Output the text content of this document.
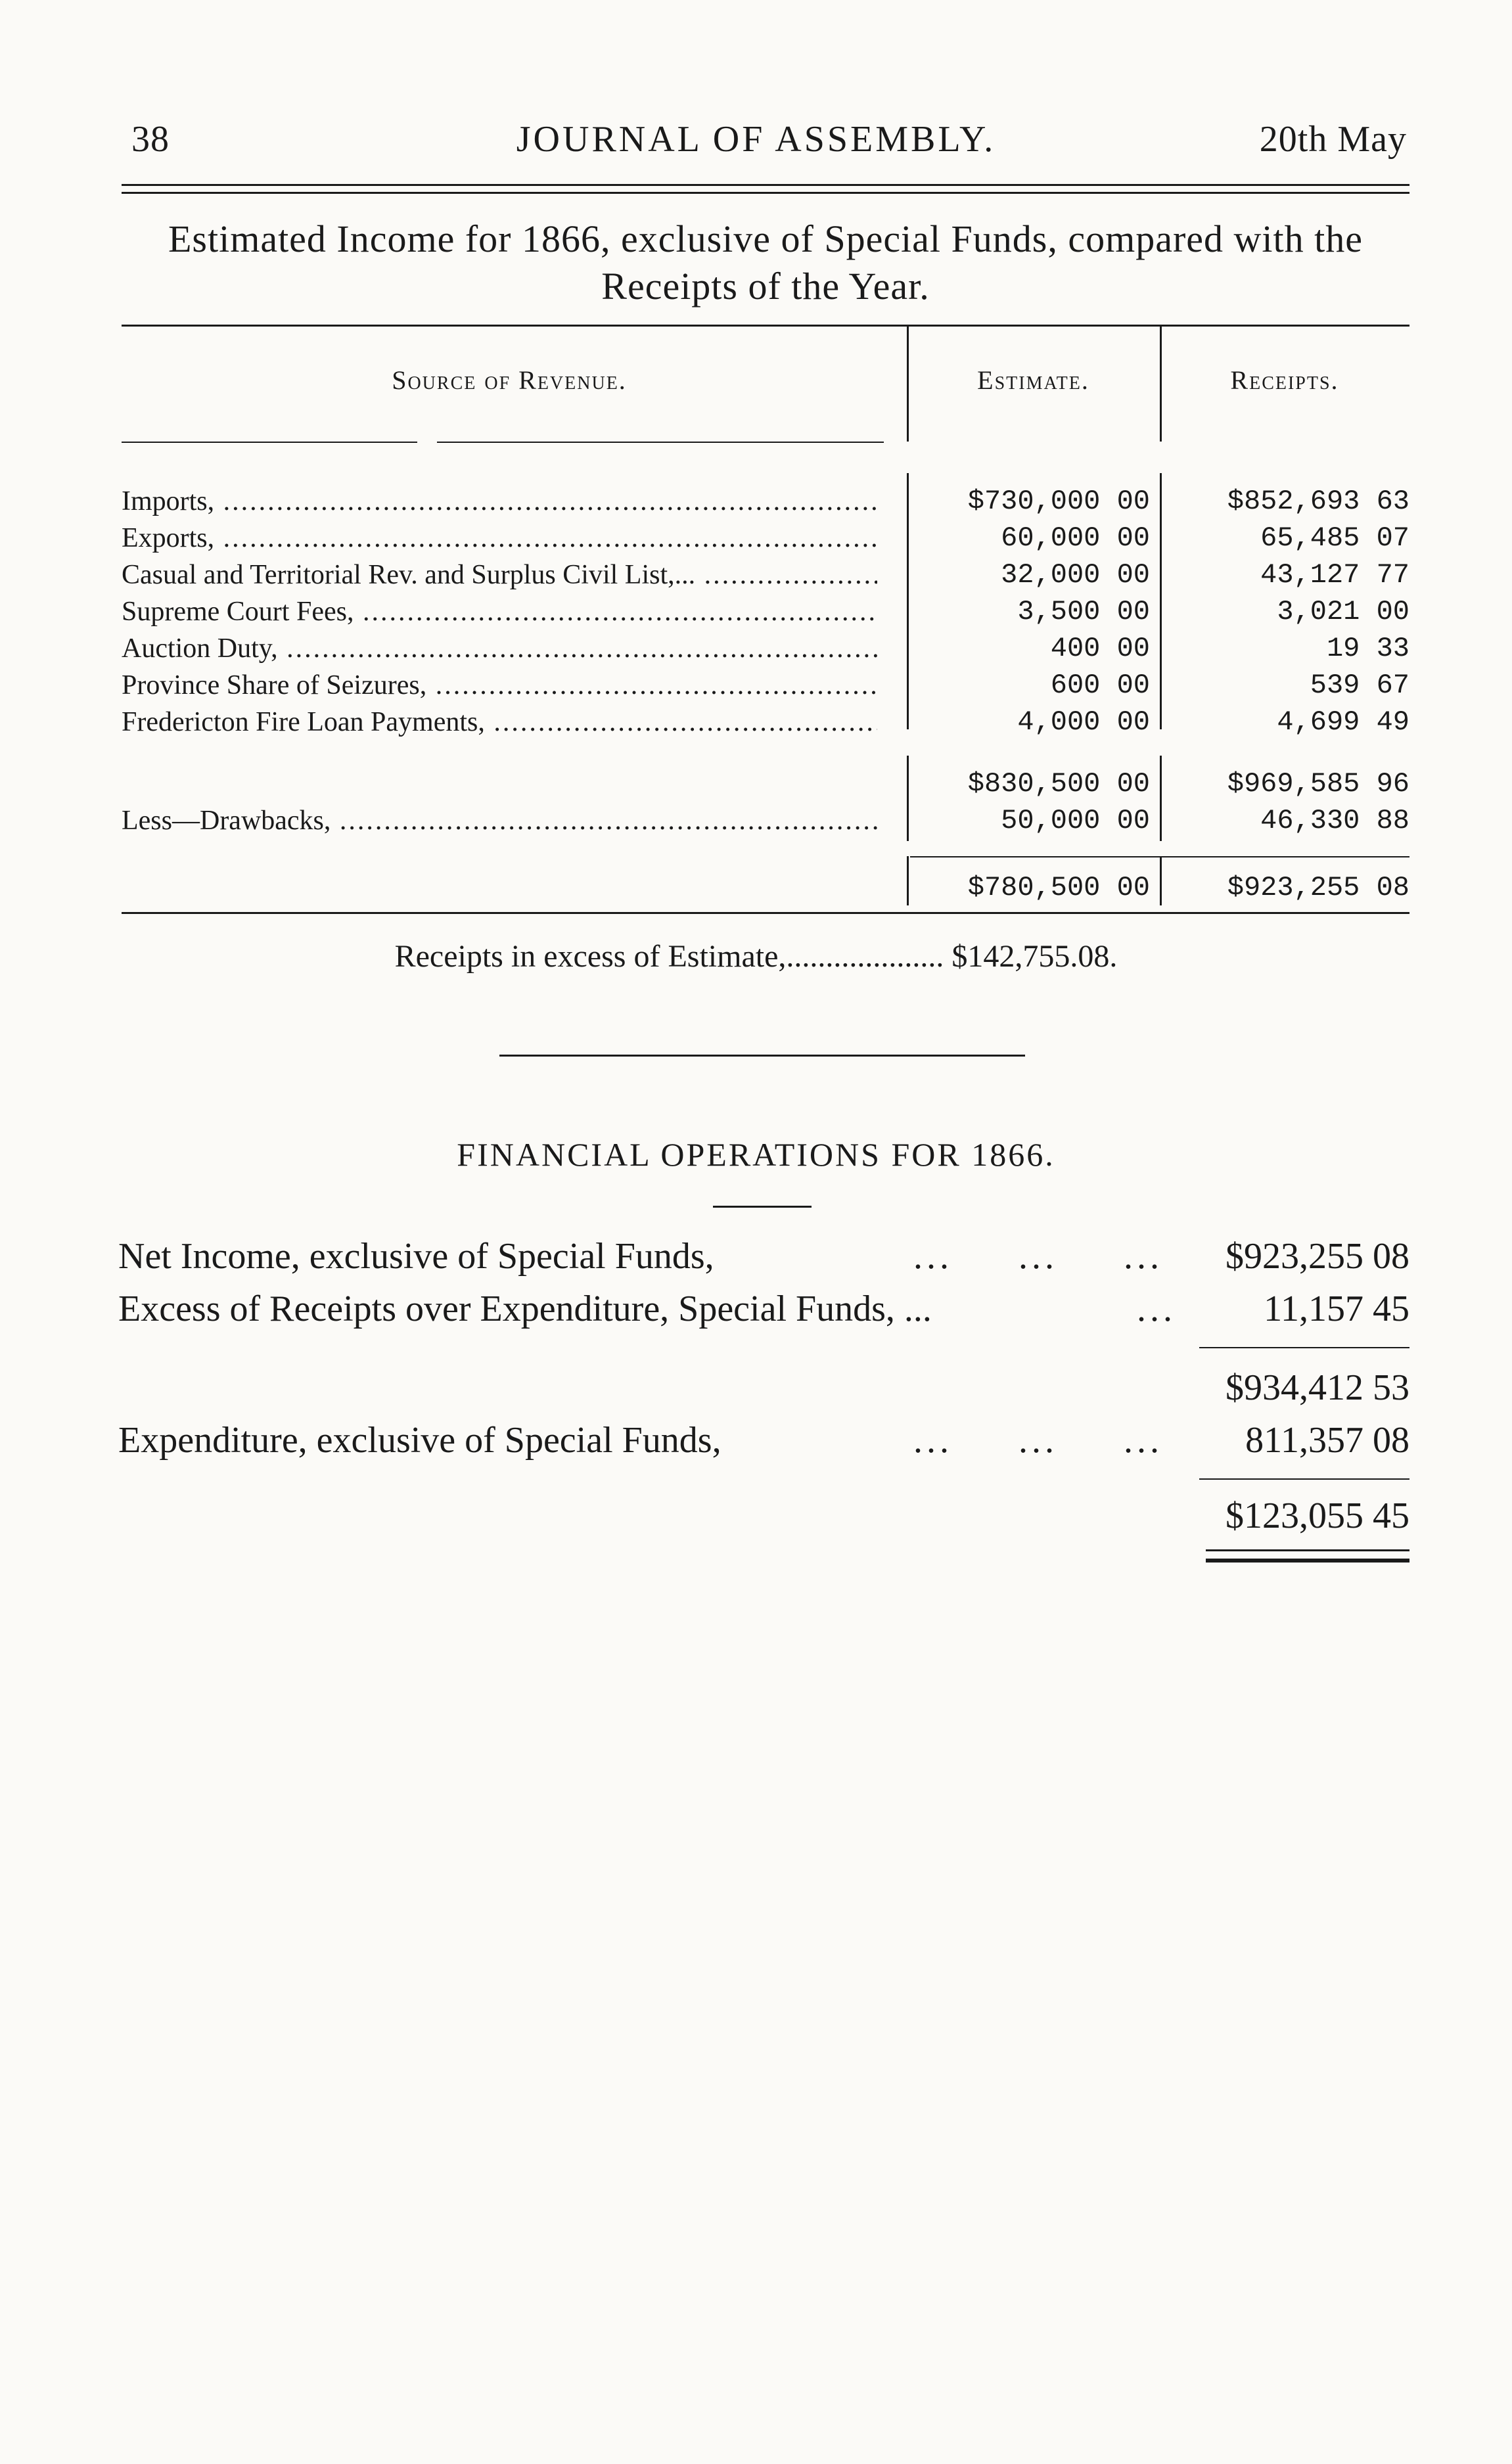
38	JOURNAL OF ASSEMBLY.	20th May
Estimated Income for 1866, exclusive of Special Funds, compared with the
Receipts of the Year.
Source of Revenue.	Estimate.	Receipts.
Imports, .....	$730,000 00	$852,693 63
Exports, .....	60,000 00	65,485 07
Casual and Territorial Rev. and Surplus Civil List,... .....	32,000 00	43,127 77
Supreme Court Fees, .....	3,500 00	3,021 00
Auction Duty, .....	400 00	19 33
Province Share of Seizures, .....	600 00	539 67
Fredericton Fire Loan Payments, .....	4,000 00	4,699 49
$830,500 00	$969,585 96
Less—Drawbacks, .....	50,000 00	46,330 88
$780,500 00	$923,255 08
Receipts in excess of Estimate,.................... $142,755.08.
FINANCIAL OPERATIONS FOR 1866.
Net Income, exclusive of Special Funds,	...     ...     ...	$923,255 08
Excess of Receipts over Expenditure, Special Funds, ...	...	11,157 45
$934,412 53
Expenditure, exclusive of Special Funds,	...     ...     ...	811,357 08
$123,055 45
